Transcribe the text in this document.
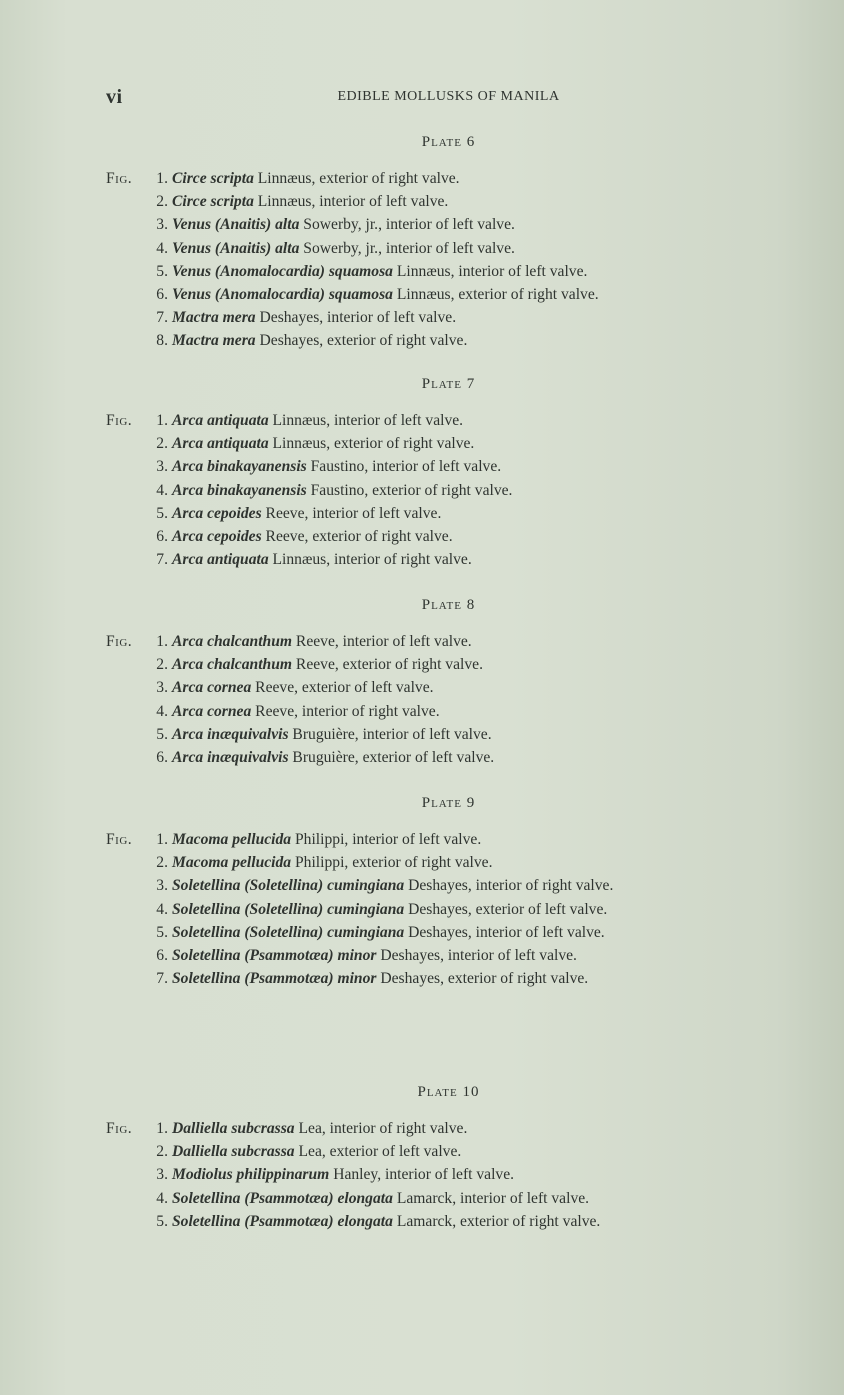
vi	EDIBLE MOLLUSKS OF MANILA
Plate 6
Fig.	1. Circe scripta Linnæus, exterior of right valve.
2. Circe scripta Linnæus, interior of left valve.
3. Venus (Anaitis) alta Sowerby, jr., interior of left valve.
4. Venus (Anaitis) alta Sowerby, jr., interior of left valve.
5. Venus (Anomalocardia) squamosa Linnæus, interior of left valve.
6. Venus (Anomalocardia) squamosa Linnæus, exterior of right valve.
7. Mactra mera Deshayes, interior of left valve.
8. Mactra mera Deshayes, exterior of right valve.
Plate 7
Fig.	1. Arca antiquata Linnæus, interior of left valve.
2. Arca antiquata Linnæus, exterior of right valve.
3. Arca binakayanensis Faustino, interior of left valve.
4. Arca binakayanensis Faustino, exterior of right valve.
5. Arca cepoides Reeve, interior of left valve.
6. Arca cepoides Reeve, exterior of right valve.
7. Arca antiquata Linnæus, interior of right valve.
Plate 8
Fig.	1. Arca chalcanthum Reeve, interior of left valve.
2. Arca chalcanthum Reeve, exterior of right valve.
3. Arca cornea Reeve, exterior of left valve.
4. Arca cornea Reeve, interior of right valve.
5. Arca inæquivalvis Bruguière, interior of left valve.
6. Arca inæquivalvis Bruguière, exterior of left valve.
Plate 9
Fig.	1. Macoma pellucida Philippi, interior of left valve.
2. Macoma pellucida Philippi, exterior of right valve.
3. Soletellina (Soletellina) cumingiana Deshayes, interior of right valve.
4. Soletellina (Soletellina) cumingiana Deshayes, exterior of left valve.
5. Soletellina (Soletellina) cumingiana Deshayes, interior of left valve.
6. Soletellina (Psammotæa) minor Deshayes, interior of left valve.
7. Soletellina (Psammotæa) minor Deshayes, exterior of right valve.
Plate 10
Fig.	1. Dalliella subcrassa Lea, interior of right valve.
2. Dalliella subcrassa Lea, exterior of left valve.
3. Modiolus philippinarum Hanley, interior of left valve.
4. Soletellina (Psammotæa) elongata Lamarck, interior of left valve.
5. Soletellina (Psammotæa) elongata Lamarck, exterior of right valve.
